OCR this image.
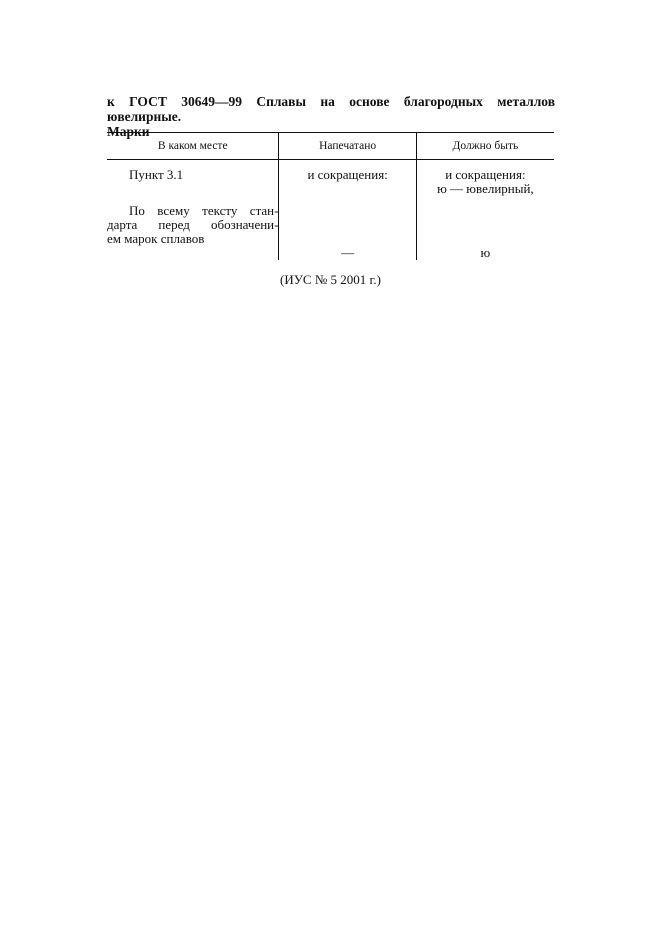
к ГОСТ 30649—99 Сплавы на основе благородных металлов ювелирные.
Марки
В каком месте	Напечатано	Должно быть
Пункт 3.1	и сокращения:	и сокращения:
ю — ювелирный,

По всему тексту стан-
дарта перед обозначени-
ем марок сплавов	—	ю
(ИУС № 5 2001 г.)
